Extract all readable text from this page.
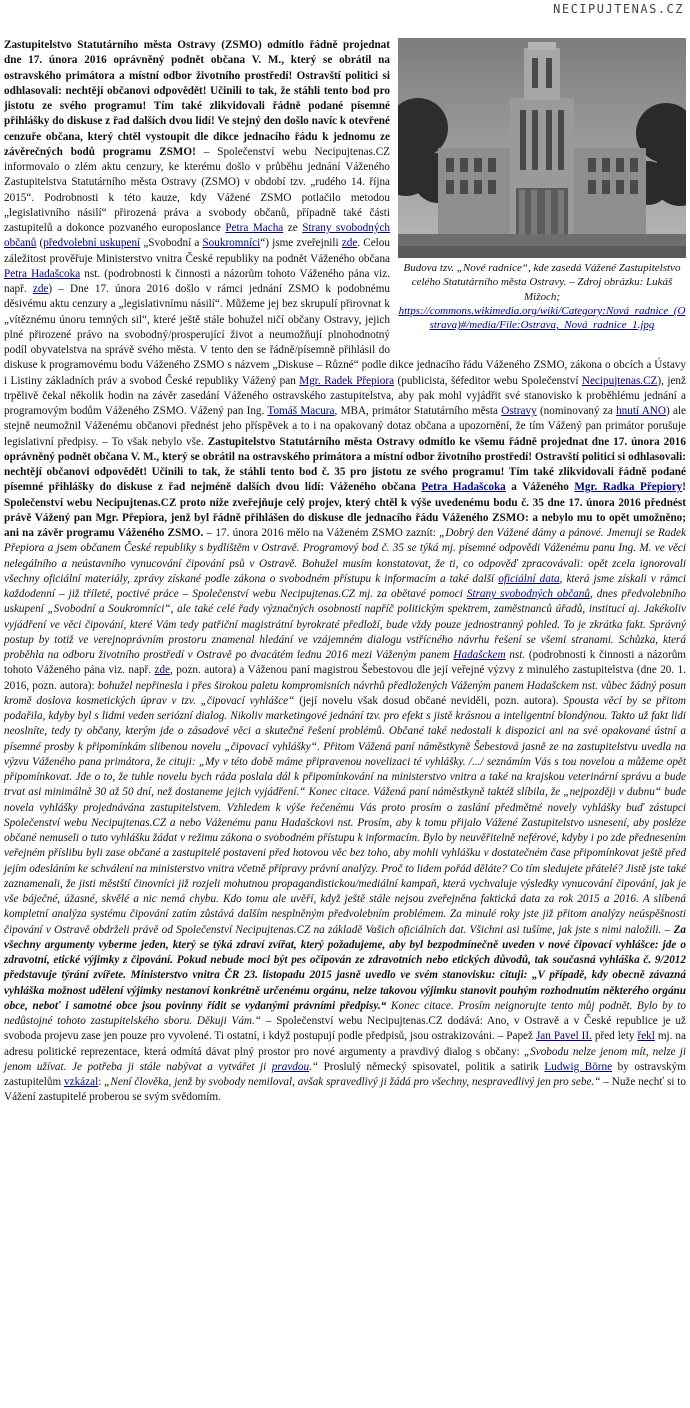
NECIPUJTENAS.CZ

Budova tzv. „Nové radnice“, kde zasedá Vážené Zastupitelstvo celého Statutárního města Ostravy. – Zdroj obrázku: Lukáš Mižoch;
https://commons.wikimedia.org/wiki/Category:Nová_radnice_(Ostrava)#/media/File:Ostrava,_Nová_radnice_1.jpg
Zastupitelstvo Statutárního města Ostravy (ZSMO) odmítlo řádně projednat dne 17. února 2016 oprávněný podnět občana V. M., který se obrátil na ostravského primátora a místní odbor životního prostředí! Ostravští politici si odhlasovali: nechtějí občanovi odpovědět! Učinili to tak, že stáhli tento bod pro jistotu ze svého programu! Tím také zlikvidovali řádně podané písemné přihlášky do diskuse z řad dalších dvou lidí! Ve stejný den došlo navíc k otevřené cenzuře občana, který chtěl vystoupit dle dikce jednacího řádu k jednomu ze závěrečných bodů programu ZSMO! – Společenství webu Necipujtenas.CZ informovalo o zlém aktu cenzury, ke kterému došlo v průběhu jednání Váženého Zastupitelstva Statutárního města Ostravy (ZSMO) v období tzv. „rudého 14. října 2015“. Podrobnosti k této kauze, kdy Vážené ZSMO potlačilo metodou „legislativního násilí“ přirozená práva a svobody občanů, případně také části zastupitelů a dokonce pozvaného europoslance Petra Macha ze Strany svobodných občanů (předvolební uskupení „Svobodní a Soukromníci“) jsme zveřejnili zde. Celou záležitost prověřuje Ministerstvo vnitra České republiky na podnět Váženého občana Petra Hadašcoka nst. (podrobnosti k činnosti a názorům tohoto Váženého pána viz. např. zde) – Dne 17. února 2016 došlo v rámci jednání ZSMO k podobnému děsivému aktu cenzury a „legislativnímu násilí“. Můžeme jej bez skrupulí přirovnat k „vítěznému únoru temných sil“, které ještě stále bohužel ničí občany Ostravy, jejich plné přirozené právo na svobodný/prosperující život a neumožňují plnohodnotný podíl obyvatelstva na správě svého města. V tento den se řádně/písemně přihlásil do diskuse k programovému bodu Váženého ZSMO s názvem „Diskuse – Různé“ podle dikce jednacího řádu Váženého ZSMO, zákona o obcích a Ústavy i Listiny základních práv a svobod České republiky Vážený pan Mgr. Radek Přepiora (publicista, šéfeditor webu Společenství Necipujtenas.CZ), jenž trpělivě čekal několik hodin na závěr zasedání Váženého ostravského zastupitelstva, aby pak mohl vyjádřit své stanovisko k proběhlému jednání a programovým bodům Váženého ZSMO. Vážený pan Ing. Tomáš Macura, MBA, primátor Statutárního města Ostravy (nominovaný za hnutí ANO) ale stejně neumožnil Váženému občanovi přednést jeho příspěvek a to i na opakovaný dotaz občana a upozornění, že tím Vážený pan primátor porušuje legislativní předpisy. – To však nebylo vše. Zastupitelstvo Statutárního města Ostravy odmítlo ke všemu řádně projednat dne 17. února 2016 oprávněný podnět občana V. M., který se obrátil na ostravského primátora a místní odbor životního prostředí! Ostravští politici si odhlasovali: nechtějí občanovi odpovědět! Učinili to tak, že stáhli tento bod č. 35 pro jistotu ze svého programu! Tím také zlikvidovali řádně podané písemné přihlášky do diskuse z řad nejméně dalších dvou lidí: Váženého občana Petra Hadašcoka a Váženého Mgr. Radka Přepiory! Společenství webu Necipujtenas.CZ proto níže zveřejňuje celý projev, který chtěl k výše uvedenému bodu č. 35 dne 17. února 2016 přednést právě Vážený pan Mgr. Přepiora, jenž byl řádně přihlášen do diskuse dle jednacího řádu Váženého ZSMO: a nebylo mu to opět umožněno; ani na závěr programu Váženého ZSMO. – 17. února 2016 mělo na Váženém ZSMO zaznít: „Dobrý den Vážené dámy a pánové. Jmenuji se Radek Přepiora a jsem občanem České republiky s bydlištěm v Ostravě. Programový bod č. 35 se týká mj. písemné odpovědi Váženému panu Ing. M. ve věci nelegálního a neústavního vynucování čipování psů v Ostravě. Bohužel musím konstatovat, že ti, co odpověď zpracovávali: opět zcela ignorovali všechny oficiální materiály, zprávy získané podle zákona o svobodném přístupu k informacím a také další oficiální data, která jsme získali v rámci každodenní – již tříleté, poctivé práce – Společenství webu Necipujtenas.CZ mj. za obětavé pomoci Strany svobodných občanů, dnes předvolebního uskupení „Svobodní a Soukromníci“, ale také celé řady význačných osobností napříč politickým spektrem, zaměstnanců úřadů, institucí aj. Jakékoliv vyjádření ve věci čipování, které Vám tedy patřiční magistrátní byrokraté předloží, bude vždy pouze jednostranný pohled. To je zkrátka fakt. Správný postup by totiž ve verejnoprávním prostoru znamenal hledání ve vzájemném dialogu vstřícného návrhu řešení se všemi stranami. Schůzka, která proběhla na odboru životního prostředí v Ostravě po dvacátém lednu 2016 mezi Váženým panem Hadašckem nst. (podrobnosti k činnosti a názorům tohoto Váženého pána viz. např. zde, pozn. autora) a Váženou paní magistrou Šebestovou dle její veřejné výzvy z minulého zastupitelstva (dne 20. 1. 2016, pozn. autora): bohužel nepřinesla i přes širokou paletu kompromisních návrhů předložených Váženým panem Hadašckem nst. vůbec žádný posun kromě doslova kosmetických úprav v tzv. „čipovací vyhlášce“ (její novelu však dosud občané neviděli, pozn. autora). Spousta věcí by se přitom podařila, kdyby byl s lidmi veden seriózní dialog. Nikoliv marketingové jednání tzv. pro efekt s jistě krásnou a inteligentní blondýnou. Takto už fakt lidi neoslníte, tedy ty občany, kterým jde o zásadové věci a skutečné řešení problémů. Občané také nedostali k dispozici ani na své opakované ústní a písemné prosby k připomínkám slibenou novelu „čipovací vyhlášky“. Přitom Vážená paní náměstkyně Šebestová jasně ze na zastupitelstvu uvedla na výzvu Váženého pana primátora, že cituji: „My v této době máme připravenou novelizaci té vyhlášky. /.../ seznámím Vás s tou novelou a můžeme opět připomínkovat. Jde o to, že tuhle novelu bych ráda poslala dál k připomínkování na ministerstvo vnitra a také na krajskou veterinární správu a bude trvat asi minimálně 30 až 50 dní, než dostaneme jejich vyjádření.“ Konec citace. Vážená paní náměstkyně taktéž slíbila, že „nejpozději v dubnu“ bude novela vyhlášky projednávána zastupitelstvem. Vzhledem k výše řečenému Vás proto prosím o zaslání předmětné novely vyhlášky buď zástupci Společenství webu Necipujtenas.CZ a nebo Váženému panu Hadašckovi nst. Prosím, aby k tomu přijalo Vážené Zastupitelstvo usnesení, aby posléze občané nemuseli o tuto vyhlášku žádat v režimu zákona o svobodném přístupu k informacím. Bylo by neuvěřitelně neférové, kdyby i po zde přednesením veřejném příslibu byli zase občané a zastupitelé postaveni před hotovou věc bez toho, aby mohli vyhlášku v dostatečném čase připomínkovat ještě před jejím odesláním ke schválení na ministerstvo vnitra včetně přípravy právní analýzy. Proč to lidem pořád děláte? Co tím sledujete přátelé? Jistě jste také zaznamenali, že jisti městští činovníci již rozjeli mohutnou propagandistickou/mediální kampaň, která vychvaluje výsledky vynucování čipování, jak je vše báječné, úžasné, skvělé a nic nemá chybu. Kdo tomu ale uvěří, když ještě stále nejsou zveřejněna faktická data za rok 2015 a 2016. A slíbená kompletní analýza systému čipování zatím zůstává dalším nesplněným předvolebním problémem. Za minulé roky jste již přitom analýzy neúspěšnosti čipování v Ostravě obdrželi právě od Společenství Necipujtenas.CZ na základě Vašich oficiálních dat. Všichni asi tušíme, jak jste s nimi naložili. – Za všechny argumenty vyberme jeden, který se týká zdraví zvířat, který požadujeme, aby byl bezpodmínečně uveden v nové čipovací vyhlášce: jde o zdravotní, etické výjimky z čipování. Pokud nebude moci být pes očipován ze zdravotních nebo etických důvodů, tak současná vyhláška č. 9/2012 představuje týrání zvířete. Ministerstvo vnitra ČR 23. listopadu 2015 jasně uvedlo ve svém stanovisku: cituji: „V případě, kdy obecně závazná vyhláška možnost udělení výjimky nestanoví konkrétně určenému orgánu, nelze takovou výjimku stanovit pouhým rozhodnutím některého orgánu obce, neboť i samotné obce jsou povinny řídit se vydanými právními předpisy.“ Konec citace. Prosím neignorujte tento můj podnět. Bylo by to nedůstojné tohoto zastupitelského sboru. Děkuji Vám.“ – Společenství webu Necipujtenas.CZ dodává: Ano, v Ostravě a v České republice je už svoboda projevu zase jen pouze pro vyvolené. Ti ostatní, i když postupují podle předpisů, jsou ostrakizováni. – Papež Jan Pavel II. před lety řekl mj. na adresu politické reprezentace, která odmítá dávat plný prostor pro nové argumenty a pravdivý dialog s občany: „Svobodu nelze jenom mít, nelze ji jenom užívat. Je potřeba ji stále nabývat a vytvářet ji pravdou.“ Proslulý německý spisovatel, politik a satirik Ludwig Börne by ostravským zastupitelům vzkázal: „Není člověka, jenž by svobody nemiloval, avšak spravedlivý ji žádá pro všechny, nespravedlivý jen pro sebe.“ – Nuže nechť si to Vážení zastupitelé proberou se svým svědomím.
